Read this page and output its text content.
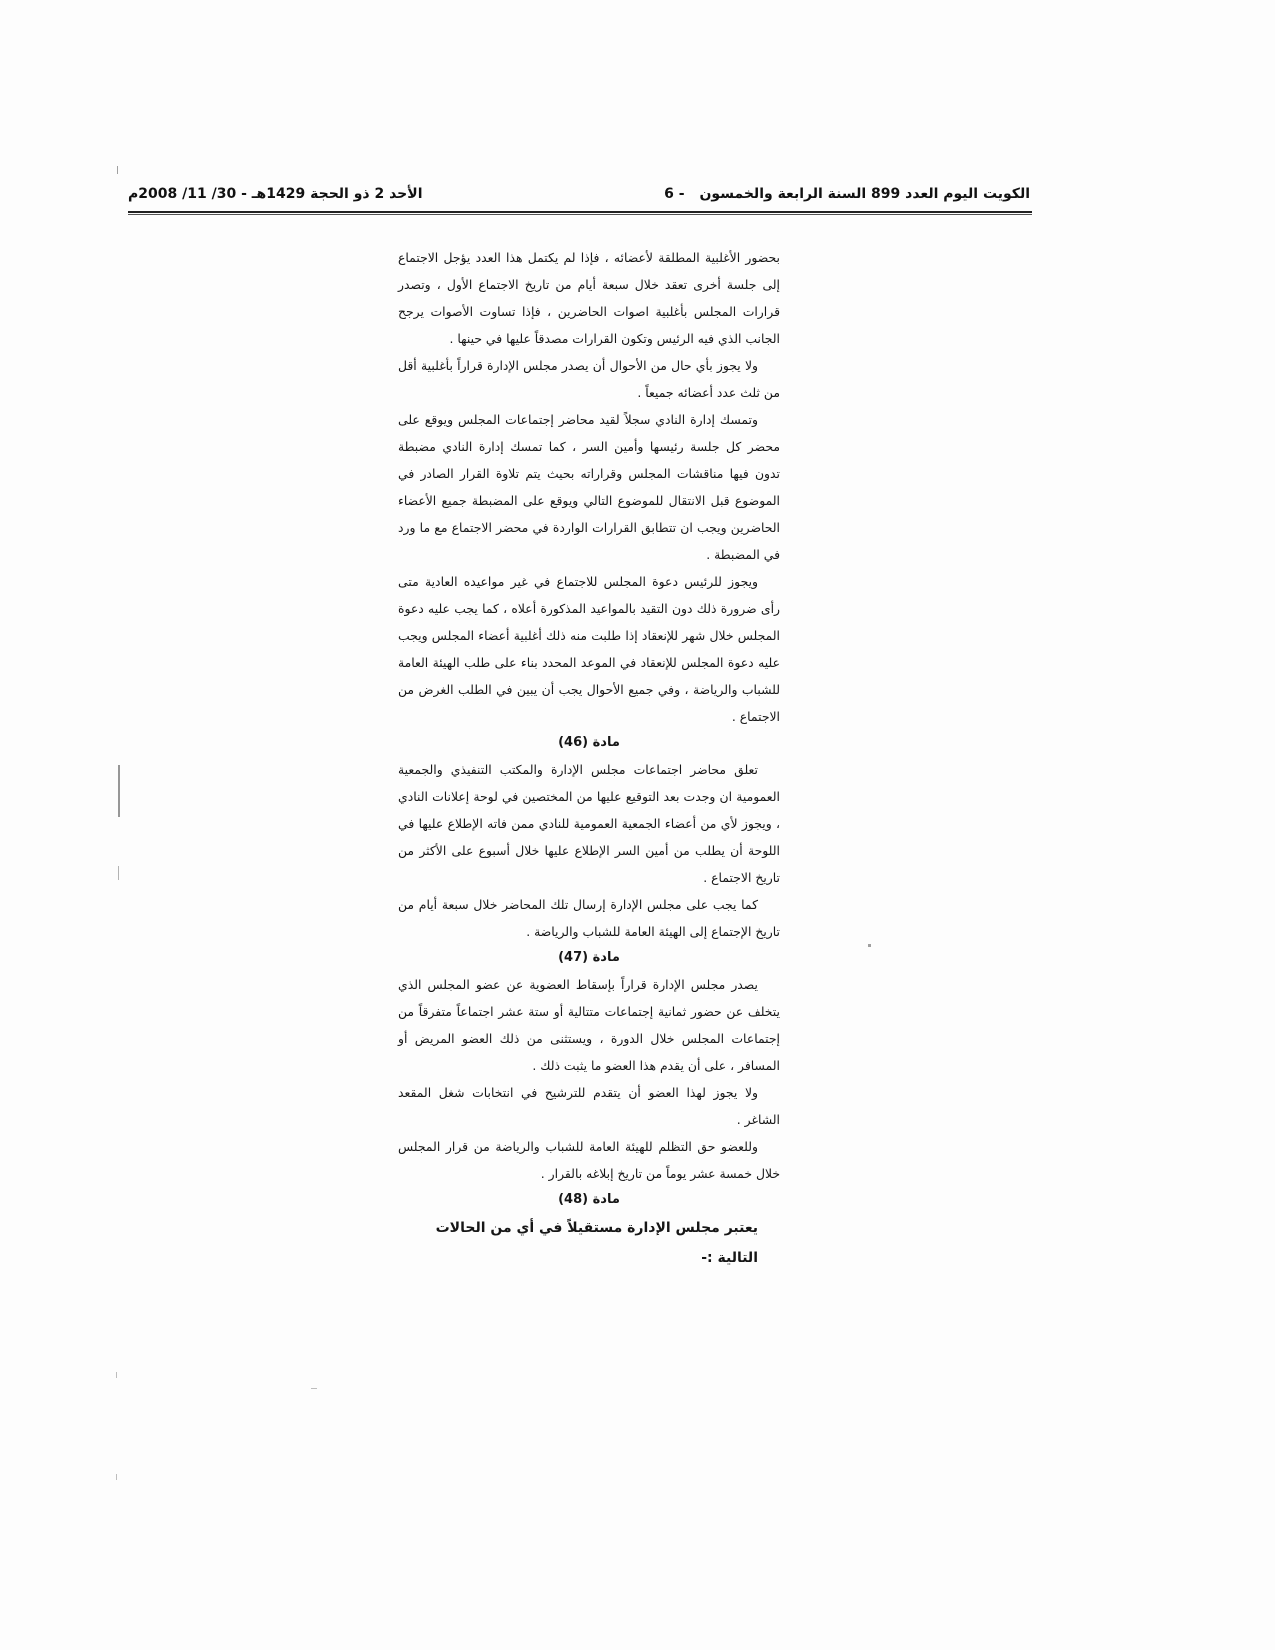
الكويت اليوم العدد 899 السنة الرابعة والخمسون - 6
الأحد 2 ذو الحجة 1429هـ - 30/ 11/ 2008م

بحضور الأغلبية المطلقة لأعضائه ، فإذا لم يكتمل هذا العدد يؤجل الاجتماع إلى جلسة أخرى تعقد خلال سبعة أيام من تاريخ الاجتماع الأول ، وتصدر قرارات المجلس بأغلبية اصوات الحاضرين ، فإذا تساوت الأصوات يرجح الجانب الذي فيه الرئيس وتكون القرارات مصدقاً عليها في حينها .

ولا يجوز بأي حال من الأحوال أن يصدر مجلس الإدارة قراراً بأغلبية أقل من ثلث عدد أعضائه جميعاً .

وتمسك إدارة النادي سجلاً لقيد محاضر إجتماعات المجلس ويوقع على محضر كل جلسة رئيسها وأمين السر ، كما تمسك إدارة النادي مضبطة تدون فيها مناقشات المجلس وقراراته بحيث يتم تلاوة القرار الصادر في الموضوع قبل الانتقال للموضوع التالي ويوقع على المضبطة جميع الأعضاء الحاضرين ويجب ان تتطابق القرارات الواردة في محضر الاجتماع مع ما ورد في المضبطة .

ويجوز للرئيس دعوة المجلس للاجتماع في غير مواعيده العادية متى رأى ضرورة ذلك دون التقيد بالمواعيد المذكورة أعلاه ، كما يجب عليه دعوة المجلس خلال شهر للإنعقاد إذا طلبت منه ذلك أغلبية أعضاء المجلس ويجب عليه دعوة المجلس للإنعقاد في الموعد المحدد بناء على طلب الهيئة العامة للشباب والرياضة ، وفي جميع الأحوال يجب أن يبين في الطلب الغرض من الاجتماع .

مادة (46)

تعلق محاضر اجتماعات مجلس الإدارة والمكتب التنفيذي والجمعية العمومية ان وجدت بعد التوقيع عليها من المختصين في لوحة إعلانات النادي ، ويجوز لأي من أعضاء الجمعية العمومية للنادي ممن فاته الإطلاع عليها في اللوحة أن يطلب من أمين السر الإطلاع عليها خلال أسبوع على الأكثر من تاريخ الاجتماع .

كما يجب على مجلس الإدارة إرسال تلك المحاضر خلال سبعة أيام من تاريخ الإجتماع إلى الهيئة العامة للشباب والرياضة .

مادة (47)

يصدر مجلس الإدارة قراراً بإسقاط العضوية عن عضو المجلس الذي يتخلف عن حضور ثمانية إجتماعات متتالية أو ستة عشر اجتماعاً متفرقاً من إجتماعات المجلس خلال الدورة ، ويستثنى من ذلك العضو المريض أو المسافر ، على أن يقدم هذا العضو ما يثبت ذلك .

ولا يجوز لهذا العضو أن يتقدم للترشيح في انتخابات شغل المقعد الشاغر .

وللعضو حق التظلم للهيئة العامة للشباب والرياضة من قرار المجلس خلال خمسة عشر يوماً من تاريخ إبلاغه بالقرار .

مادة (48)
يعتبر مجلس الإدارة مستقيلاً في أي من الحالات التالية :-
